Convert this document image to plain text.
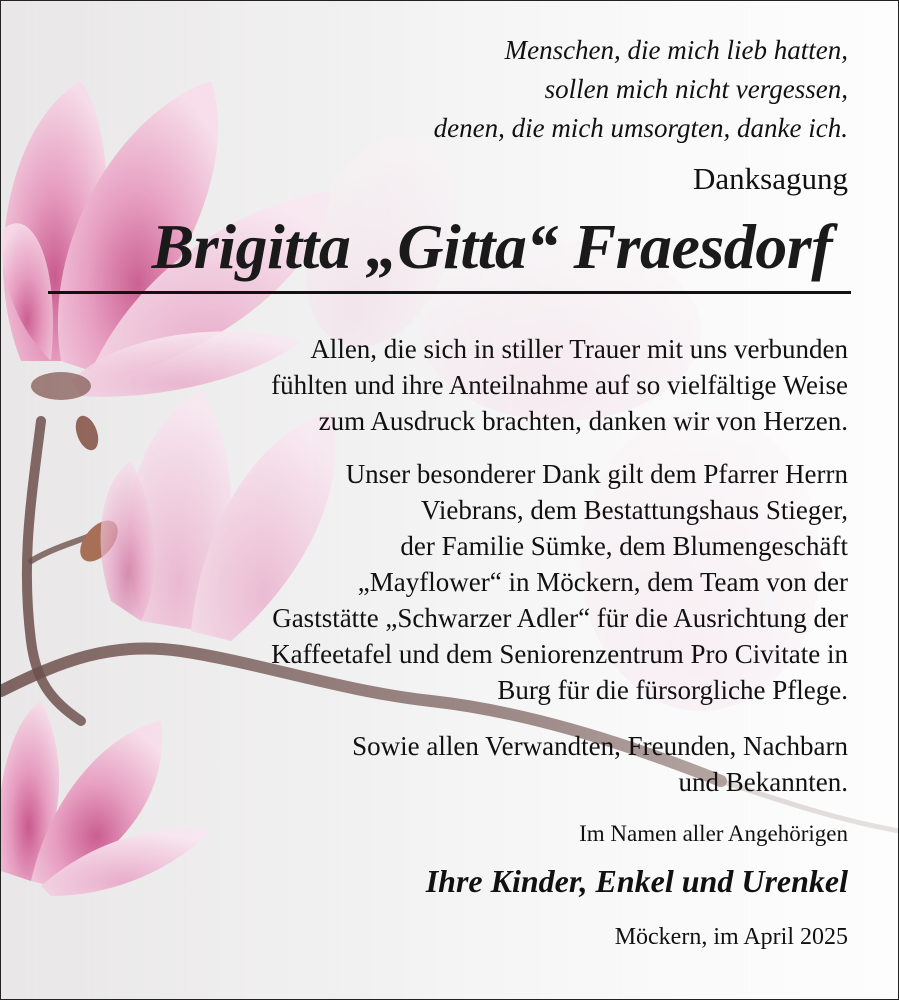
Menschen, die mich lieb hatten,
sollen mich nicht vergessen,
denen, die mich umsorgten, danke ich.
Danksagung
Brigitta „Gitta“ Fraesdorf
Allen, die sich in stiller Trauer mit uns verbunden
fühlten und ihre Anteilnahme auf so vielfältige Weise
zum Ausdruck brachten, danken wir von Herzen.
Unser besonderer Dank gilt dem Pfarrer Herrn
Viebrans, dem Bestattungshaus Stieger,
der Familie Sümke, dem Blumengeschäft
„Mayflower“ in Möckern, dem Team von der
Gaststätte „Schwarzer Adler“ für die Ausrichtung der
Kaffeetafel und dem Seniorenzentrum Pro Civitate in
Burg für die fürsorgliche Pflege.
Sowie allen Verwandten, Freunden, Nachbarn
und Bekannten.
Im Namen aller Angehörigen
Ihre Kinder, Enkel und Urenkel
Möckern, im April 2025
